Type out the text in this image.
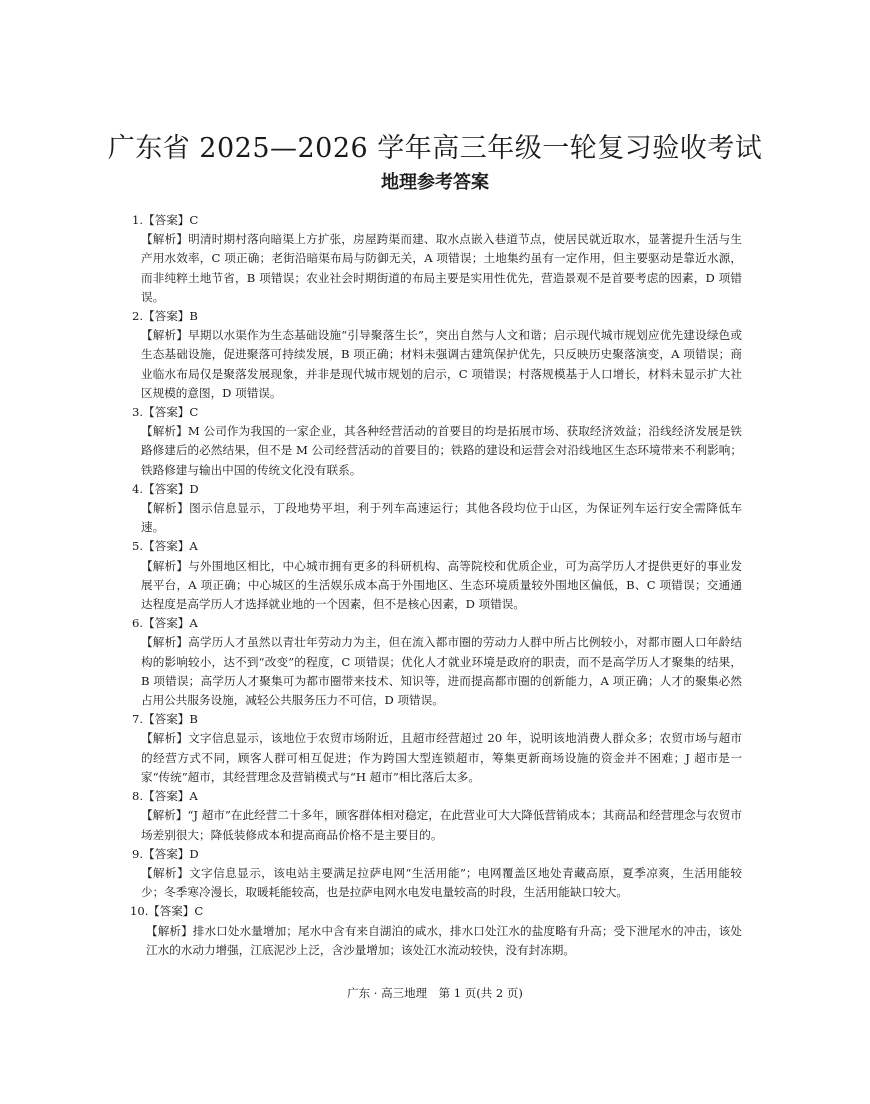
广东省 2025—2026 学年高三年级一轮复习验收考试
地理参考答案
1.【答案】C
【解析】明清时期村落向暗渠上方扩张，房屋跨渠而建、取水点嵌入巷道节点，使居民就近取水，显著提升生活与生产用水效率，C 项正确；老街沿暗渠布局与防御无关，A 项错误；土地集约虽有一定作用，但主要驱动是靠近水源，而非纯粹土地节省，B 项错误；农业社会时期街道的布局主要是实用性优先，营造景观不是首要考虑的因素，D 项错误。
2.【答案】B
【解析】早期以水渠作为生态基础设施“引导聚落生长”，突出自然与人文和谐；启示现代城市规划应优先建设绿色或生态基础设施，促进聚落可持续发展，B 项正确；材料未强调古建筑保护优先，只反映历史聚落演变，A 项错误；商业临水布局仅是聚落发展现象，并非是现代城市规划的启示，C 项错误；村落规模基于人口增长，材料未显示扩大社区规模的意图，D 项错误。
3.【答案】C
【解析】M 公司作为我国的一家企业，其各种经营活动的首要目的均是拓展市场、获取经济效益；沿线经济发展是铁路修建后的必然结果，但不是 M 公司经营活动的首要目的；铁路的建设和运营会对沿线地区生态环境带来不利影响；铁路修建与输出中国的传统文化没有联系。
4.【答案】D
【解析】图示信息显示，丁段地势平坦，利于列车高速运行；其他各段均位于山区，为保证列车运行安全需降低车速。
5.【答案】A
【解析】与外围地区相比，中心城市拥有更多的科研机构、高等院校和优质企业，可为高学历人才提供更好的事业发展平台，A 项正确；中心城区的生活娱乐成本高于外围地区、生态环境质量较外围地区偏低，B、C 项错误；交通通达程度是高学历人才选择就业地的一个因素，但不是核心因素，D 项错误。
6.【答案】A
【解析】高学历人才虽然以青壮年劳动力为主，但在流入都市圈的劳动力人群中所占比例较小，对都市圈人口年龄结构的影响较小，达不到“改变”的程度，C 项错误；优化人才就业环境是政府的职责，而不是高学历人才聚集的结果，B 项错误；高学历人才聚集可为都市圈带来技术、知识等，进而提高都市圈的创新能力，A 项正确；人才的聚集必然占用公共服务设施，减轻公共服务压力不可信，D 项错误。
7.【答案】B
【解析】文字信息显示，该地位于农贸市场附近，且超市经营超过 20 年，说明该地消费人群众多；农贸市场与超市的经营方式不同，顾客人群可相互促进；作为跨国大型连锁超市，筹集更新商场设施的资金并不困难；J 超市是一家“传统”超市，其经营理念及营销模式与“H 超市”相比落后太多。
8.【答案】A
【解析】“J 超市”在此经营二十多年，顾客群体相对稳定，在此营业可大大降低营销成本；其商品和经营理念与农贸市场差别很大；降低装修成本和提高商品价格不是主要目的。
9.【答案】D
【解析】文字信息显示，该电站主要满足拉萨电网“生活用能”；电网覆盖区地处青藏高原，夏季凉爽，生活用能较少；冬季寒冷漫长，取暖耗能较高，也是拉萨电网水电发电量较高的时段，生活用能缺口较大。
10.【答案】C
【解析】排水口处水量增加；尾水中含有来自湖泊的咸水，排水口处江水的盐度略有升高；受下泄尾水的冲击，该处江水的水动力增强，江底泥沙上泛，含沙量增加；该处江水流动较快，没有封冻期。
广东 · 高三地理　第 1 页(共 2 页)
